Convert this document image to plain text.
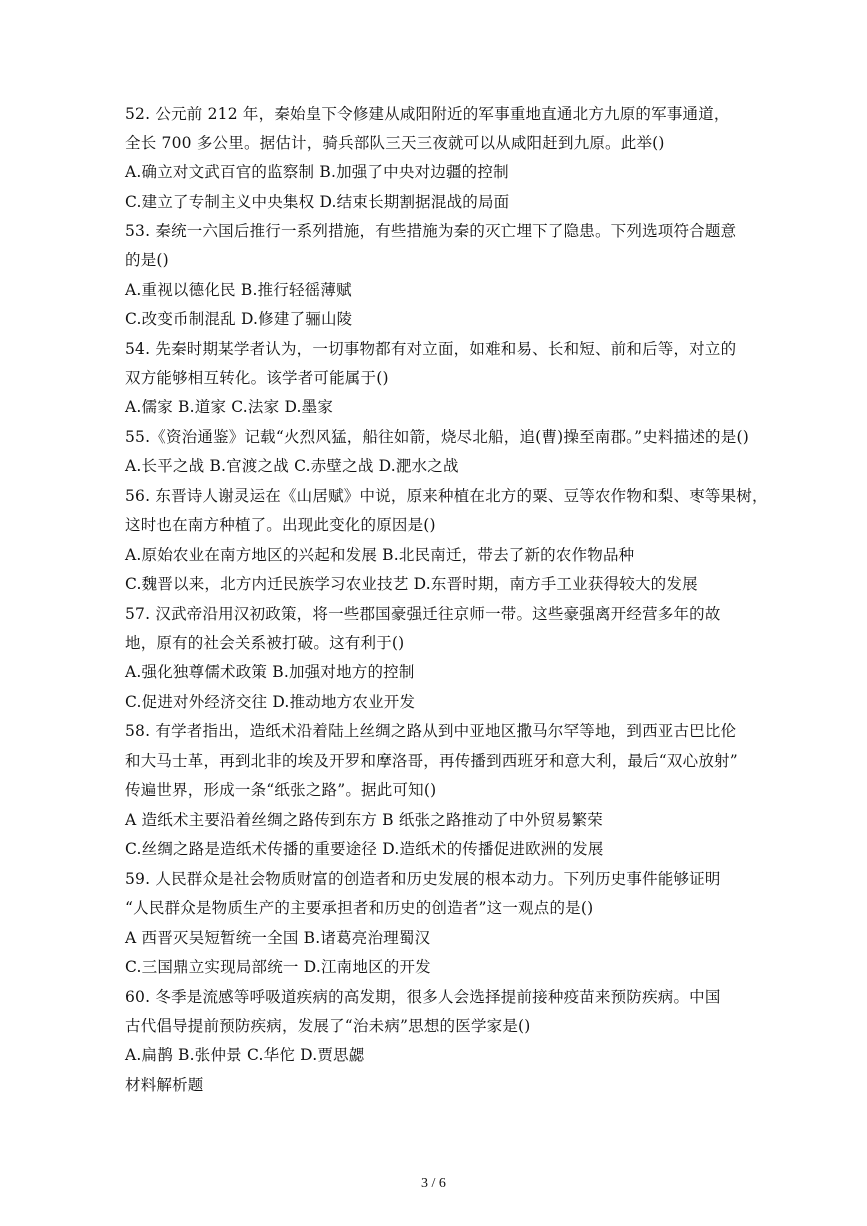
52. 公元前 212 年，秦始皇下令修建从咸阳附近的军事重地直通北方九原的军事通道，
全长 700 多公里。据估计，骑兵部队三天三夜就可以从咸阳赶到九原。此举()
A.确立对文武百官的监察制 B.加强了中央对边疆的控制
C.建立了专制主义中央集权 D.结束长期割据混战的局面
53. 秦统一六国后推行一系列措施，有些措施为秦的灭亡埋下了隐患。下列选项符合题意
的是()
A.重视以德化民 B.推行轻徭薄赋
C.改变币制混乱 D.修建了骊山陵
54. 先秦时期某学者认为，一切事物都有对立面，如难和易、长和短、前和后等，对立的
双方能够相互转化。该学者可能属于()
A.儒家 B.道家 C.法家 D.墨家
55.《资治通鉴》记载“火烈风猛，船往如箭，烧尽北船，追(曹)操至南郡。”史料描述的是()
A.长平之战 B.官渡之战 C.赤壁之战 D.淝水之战
56. 东晋诗人谢灵运在《山居赋》中说，原来种植在北方的粟、豆等农作物和梨、枣等果树，
这时也在南方种植了。出现此变化的原因是()
A.原始农业在南方地区的兴起和发展 B.北民南迁，带去了新的农作物品种
C.魏晋以来，北方内迁民族学习农业技艺 D.东晋时期，南方手工业获得较大的发展
57. 汉武帝沿用汉初政策，将一些郡国豪强迁往京师一带。这些豪强离开经营多年的故
地，原有的社会关系被打破。这有利于()
A.强化独尊儒术政策 B.加强对地方的控制
C.促进对外经济交往 D.推动地方农业开发
58. 有学者指出，造纸术沿着陆上丝绸之路从到中亚地区撒马尔罕等地，到西亚古巴比伦
和大马士革，再到北非的埃及开罗和摩洛哥，再传播到西班牙和意大利，最后“双心放射”
传遍世界，形成一条“纸张之路”。据此可知()
A 造纸术主要沿着丝绸之路传到东方 B 纸张之路推动了中外贸易繁荣
C.丝绸之路是造纸术传播的重要途径 D.造纸术的传播促进欧洲的发展
59. 人民群众是社会物质财富的创造者和历史发展的根本动力。下列历史事件能够证明
“人民群众是物质生产的主要承担者和历史的创造者”这一观点的是()
A 西晋灭吴短暂统一全国 B.诸葛亮治理蜀汉
C.三国鼎立实现局部统一 D.江南地区的开发
60. 冬季是流感等呼吸道疾病的高发期，很多人会选择提前接种疫苗来预防疾病。中国
古代倡导提前预防疾病，发展了“治未病”思想的医学家是()
A.扁鹊 B.张仲景 C.华佗 D.贾思勰
材料解析题
3 / 6
